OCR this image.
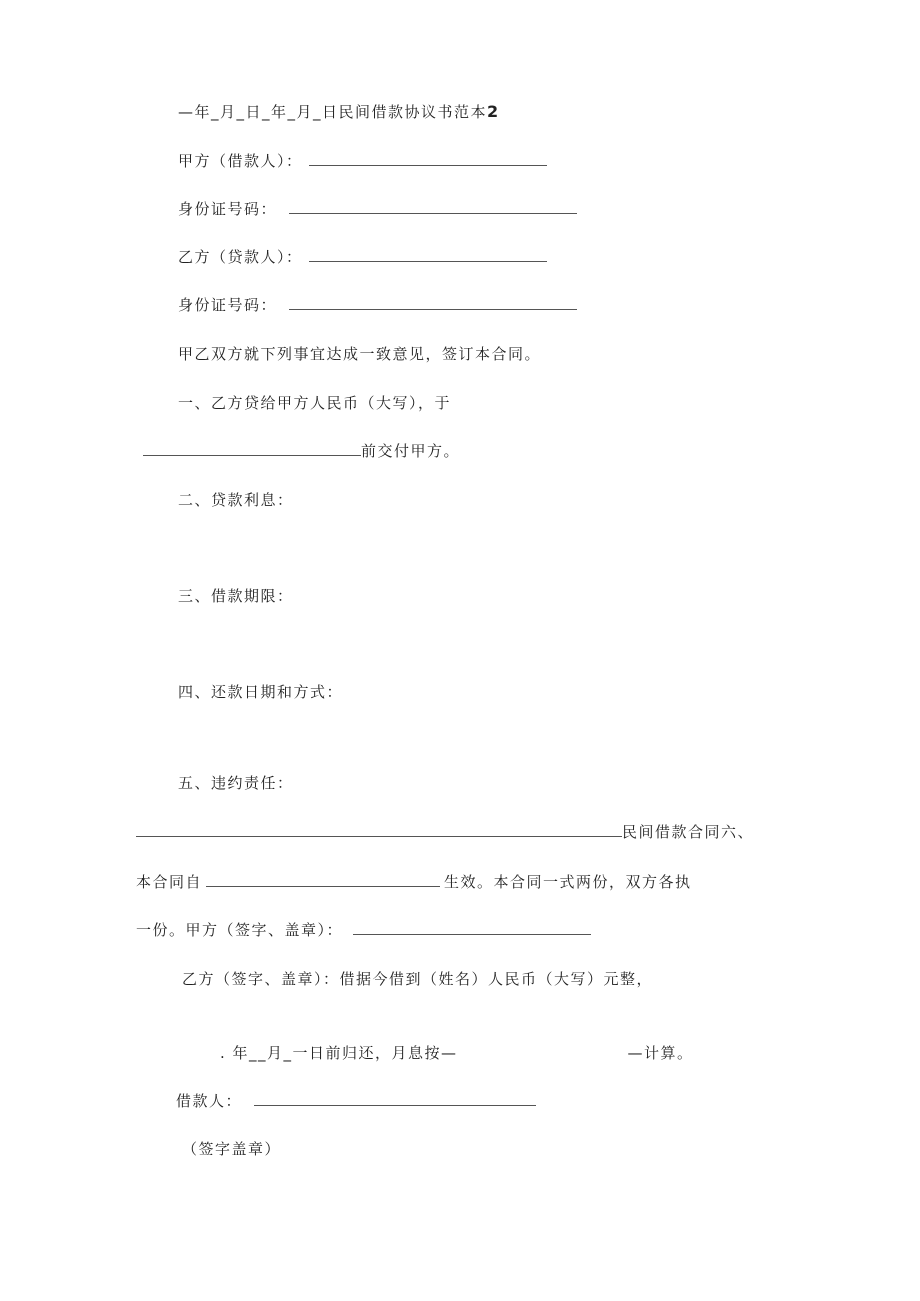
—年_月_日_年_月_日民间借款协议书范本2
甲方（借款人）：
身份证号码：
乙方（贷款人）：
身份证号码：
甲乙双方就下列事宜达成一致意见，签订本合同。
一、乙方贷给甲方人民币（大写），于
前交付甲方。
二、贷款利息：
三、借款期限：
四、还款日期和方式：
五、违约责任：
民间借款合同六、
本合同自	生效。本合同一式两份，双方各执
一份。甲方（签字、盖章）：
乙方（签字、盖章）：借据今借到（姓名）人民币（大写）元整，
. 年__月_一日前归还，月息按—	—计算。
借款人：
（签字盖章）
